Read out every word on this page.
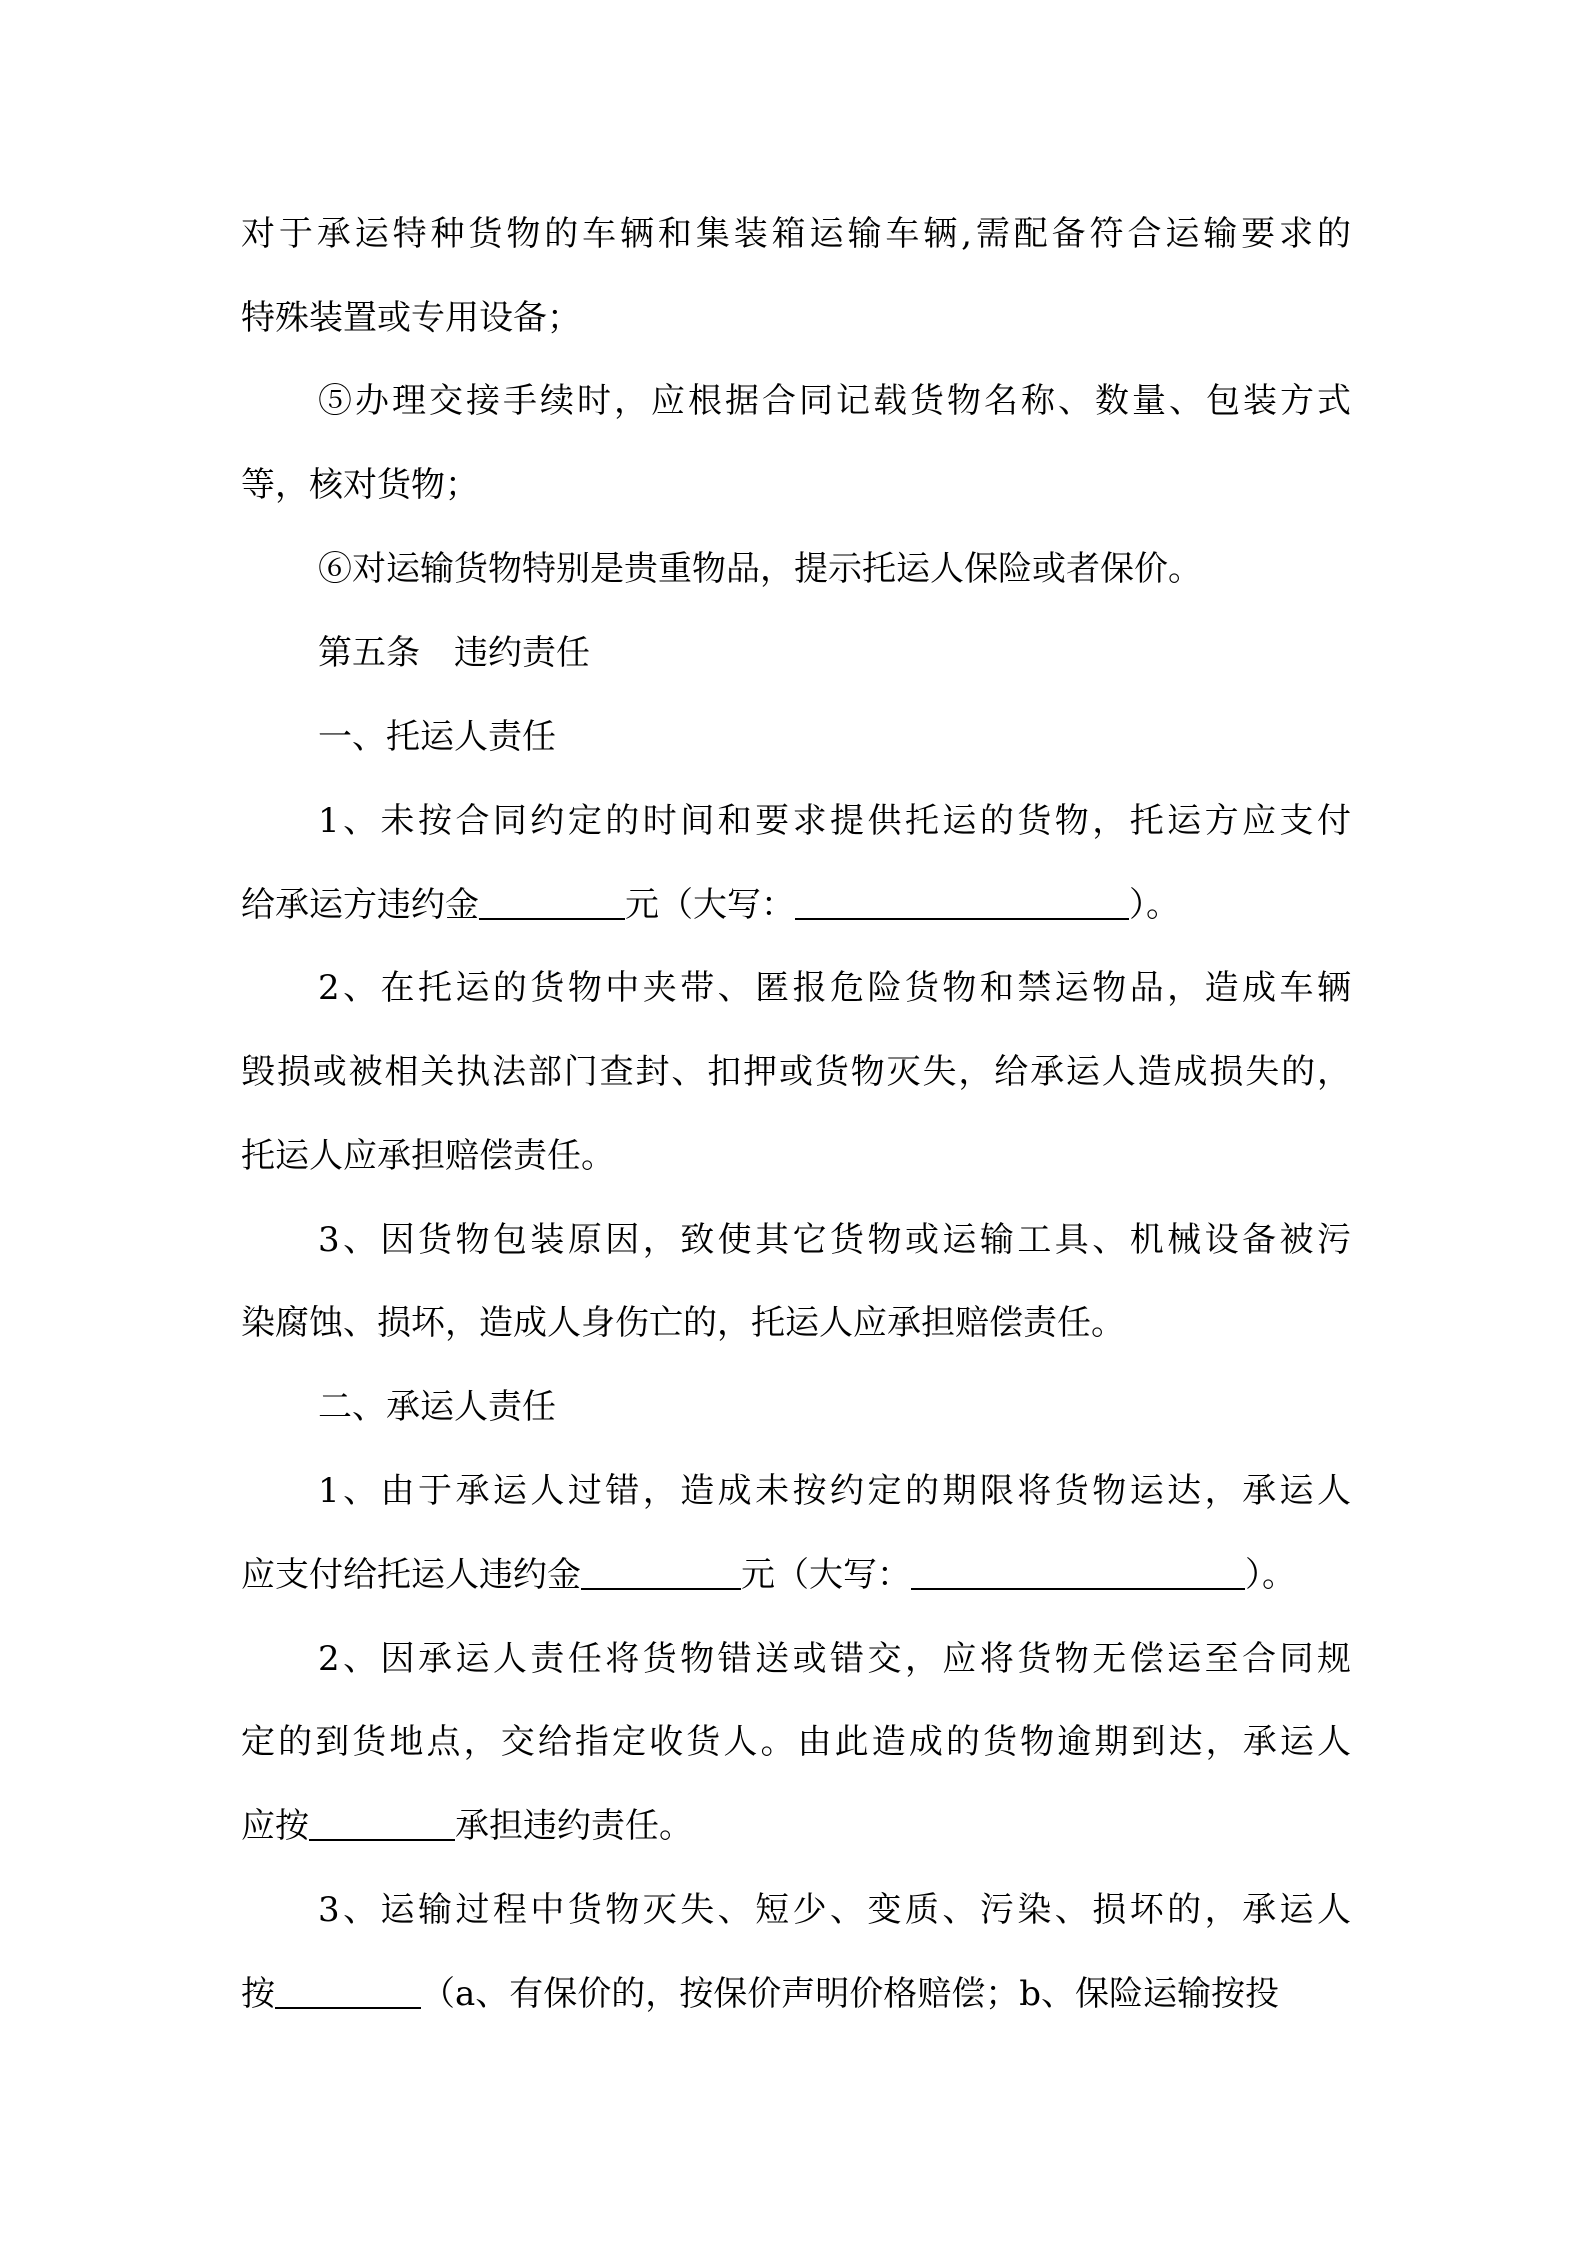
对于承运特种货物的车辆和集装箱运输车辆,需配备符合运输要求的
特殊装置或专用设备；
⑤办理交接手续时，应根据合同记载货物名称、数量、包装方式
等，核对货物；
⑥对运输货物特别是贵重物品，提示托运人保险或者保价。
第五条　违约责任
一、托运人责任
1、未按合同约定的时间和要求提供托运的货物，托运方应支付
给承运方违约金	元（大写：	）。
2、在托运的货物中夹带、匿报危险货物和禁运物品，造成车辆
毁损或被相关执法部门查封、扣押或货物灭失，给承运人造成损失的，
托运人应承担赔偿责任。
3、因货物包装原因，致使其它货物或运输工具、机械设备被污
染腐蚀、损坏，造成人身伤亡的，托运人应承担赔偿责任。
二、承运人责任
1、由于承运人过错，造成未按约定的期限将货物运达，承运人
应支付给托运人违约金	元（大写：	）。
2、因承运人责任将货物错送或错交，应将货物无偿运至合同规
定的到货地点，交给指定收货人。由此造成的货物逾期到达，承运人
应按	承担违约责任。
3、运输过程中货物灭失、短少、变质、污染、损坏的，承运人
按	（a、有保价的，按保价声明价格赔偿；b、保险运输按投
